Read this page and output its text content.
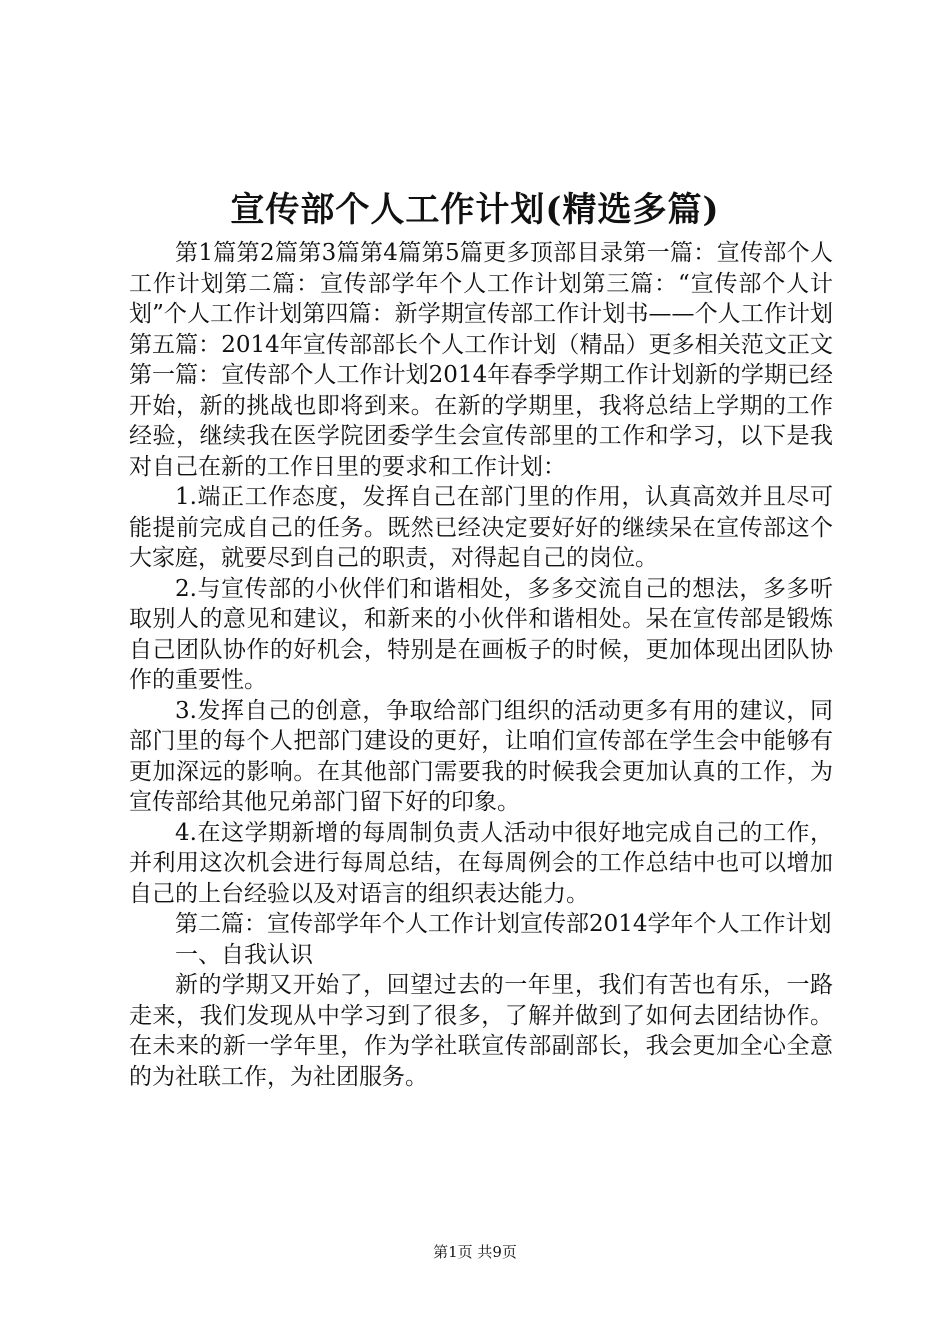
宣传部个人工作计划(精选多篇)

第1篇第2篇第3篇第4篇第5篇更多顶部目录第一篇：宣传部个人工作计划第二篇：宣传部学年个人工作计划第三篇：“宣传部个人计划”个人工作计划第四篇：新学期宣传部工作计划书——个人工作计划第五篇：2014年宣传部部长个人工作计划（精品）更多相关范文正文第一篇：宣传部个人工作计划2014年春季学期工作计划新的学期已经开始，新的挑战也即将到来。在新的学期里，我将总结上学期的工作经验，继续我在医学院团委学生会宣传部里的工作和学习，以下是我对自己在新的工作日里的要求和工作计划：

1.端正工作态度，发挥自己在部门里的作用，认真高效并且尽可能提前完成自己的任务。既然已经决定要好好的继续呆在宣传部这个大家庭，就要尽到自己的职责，对得起自己的岗位。

2.与宣传部的小伙伴们和谐相处，多多交流自己的想法，多多听取别人的意见和建议，和新来的小伙伴和谐相处。呆在宣传部是锻炼自己团队协作的好机会，特别是在画板子的时候，更加体现出团队协作的重要性。

3.发挥自己的创意，争取给部门组织的活动更多有用的建议，同部门里的每个人把部门建设的更好，让咱们宣传部在学生会中能够有更加深远的影响。在其他部门需要我的时候我会更加认真的工作，为宣传部给其他兄弟部门留下好的印象。

4.在这学期新增的每周制负责人活动中很好地完成自己的工作，并利用这次机会进行每周总结，在每周例会的工作总结中也可以增加自己的上台经验以及对语言的组织表达能力。

第二篇：宣传部学年个人工作计划宣传部2014学年个人工作计划

一、自我认识

新的学期又开始了，回望过去的一年里，我们有苦也有乐，一路走来，我们发现从中学习到了很多，了解并做到了如何去团结协作。在未来的新一学年里，作为学社联宣传部副部长，我会更加全心全意的为社联工作，为社团服务。

第1页 共9页
